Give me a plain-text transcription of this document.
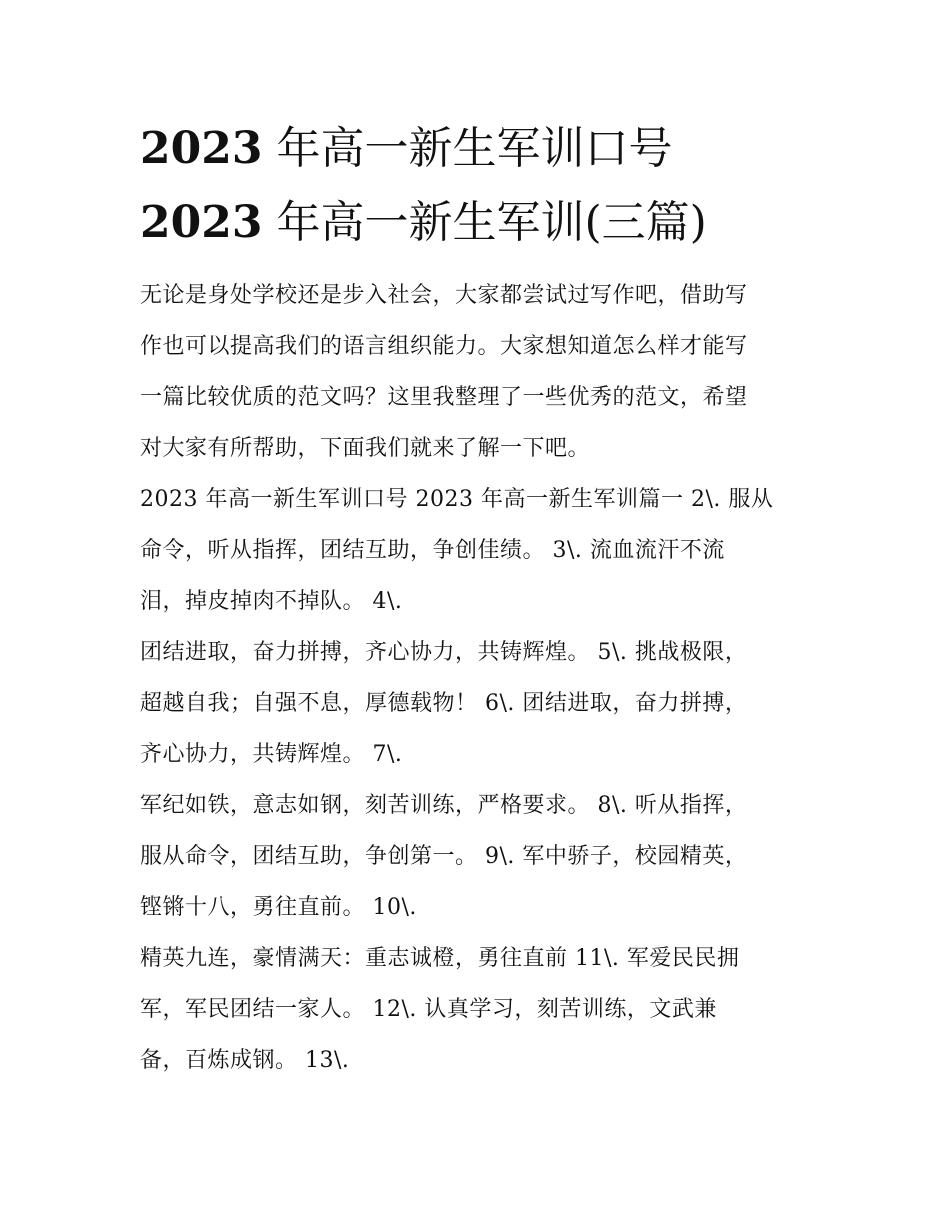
2023 年高一新生军训口号
2023 年高一新生军训(三篇)

无论是身处学校还是步入社会，大家都尝试过写作吧，借助写
作也可以提高我们的语言组织能力。大家想知道怎么样才能写
一篇比较优质的范文吗？这里我整理了一些优秀的范文，希望
对大家有所帮助，下面我们就来了解一下吧。

2023 年高一新生军训口号 2023 年高一新生军训篇一 2\. 服从
命令，听从指挥，团结互助，争创佳绩。 3\. 流血流汗不流
泪，掉皮掉肉不掉队。 4\.

团结进取，奋力拼搏，齐心协力，共铸辉煌。 5\. 挑战极限，
超越自我；自强不息，厚德载物！ 6\. 团结进取，奋力拼搏，
齐心协力，共铸辉煌。 7\.

军纪如铁，意志如钢，刻苦训练，严格要求。 8\. 听从指挥，
服从命令，团结互助，争创第一。 9\. 军中骄子，校园精英，
铿锵十八，勇往直前。 10\.

精英九连，豪情满天：重志诚橙，勇往直前 11\. 军爱民民拥
军，军民团结一家人。 12\. 认真学习，刻苦训练，文武兼
备，百炼成钢。 13\.
